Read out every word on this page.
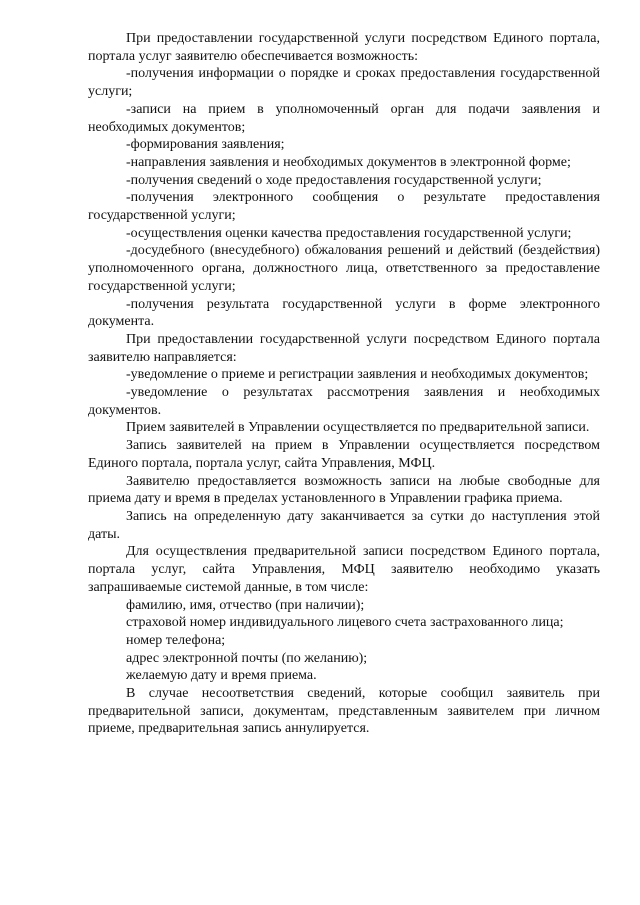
При предоставлении государственной услуги посредством Единого портала, портала услуг заявителю обеспечивается возможность:

-получения информации о порядке и сроках предоставления государственной услуги;

-записи на прием в уполномоченный орган для подачи заявления и необходимых документов;

-формирования заявления;

-направления заявления и необходимых документов в электронной форме;

-получения сведений о ходе предоставления государственной услуги;

-получения электронного сообщения о результате предоставления государственной услуги;

-осуществления оценки качества предоставления государственной услуги;

-досудебного (внесудебного) обжалования решений и действий (бездействия) уполномоченного органа, должностного лица, ответственного за предоставление государственной услуги;

-получения результата государственной услуги в форме электронного документа.

При предоставлении государственной услуги посредством Единого портала заявителю направляется:

-уведомление о приеме и регистрации заявления и необходимых документов;

-уведомление о результатах рассмотрения заявления и необходимых документов.

Прием заявителей в Управлении осуществляется по предварительной записи.

Запись заявителей на прием в Управлении осуществляется посредством Единого портала, портала услуг, сайта Управления, МФЦ.

Заявителю предоставляется возможность записи на любые свободные для приема дату и время в пределах установленного в Управлении графика приема.

Запись на определенную дату заканчивается за сутки до наступления этой даты.

Для осуществления предварительной записи посредством Единого портала, портала услуг, сайта Управления, МФЦ заявителю необходимо указать запрашиваемые системой данные, в том числе:

фамилию, имя, отчество (при наличии);

страховой номер индивидуального лицевого счета застрахованного лица;

номер телефона;

адрес электронной почты (по желанию);

желаемую дату и время приема.

В случае несоответствия сведений, которые сообщил заявитель при предварительной записи, документам, представленным заявителем при личном приеме, предварительная запись аннулируется.
